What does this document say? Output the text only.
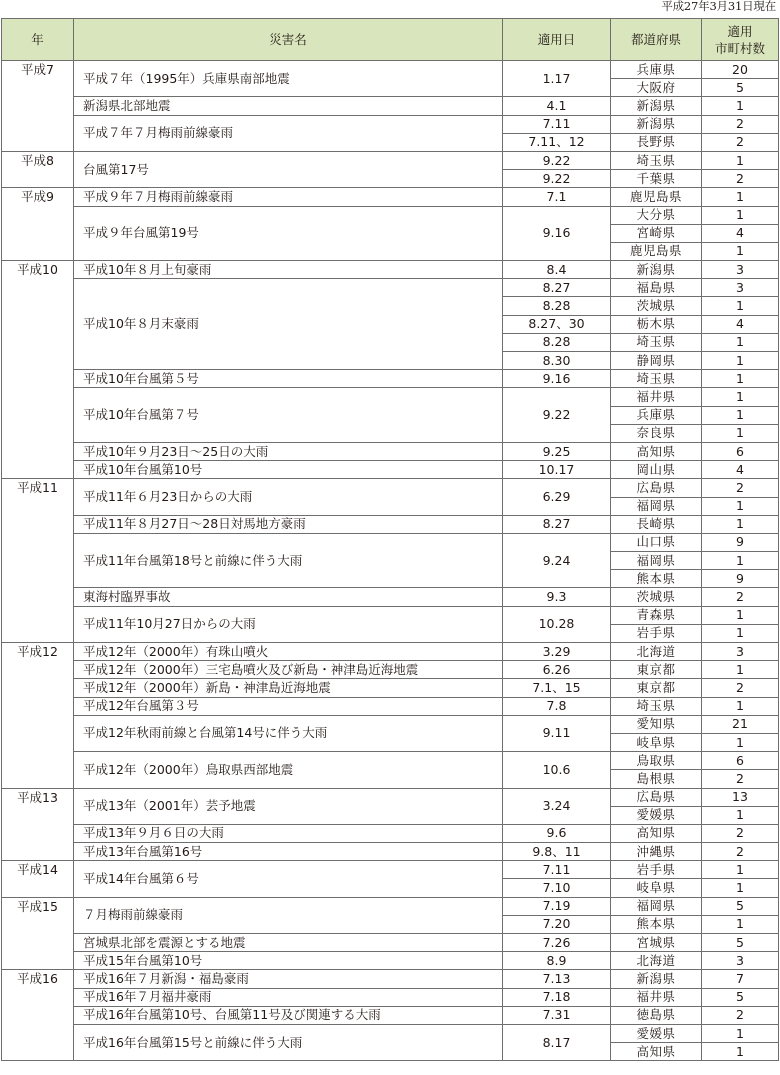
平成27年3月31日現在
年	災害名	適用日	都道府県	適用
市町村数
平成7	平成７年（1995年）兵庫県南部地震	1.17	兵庫県	20
			大阪府	5
	新潟県北部地震	4.1	新潟県	1
	平成７年７月梅雨前線豪雨	7.11	新潟県	2
		7.11、12	長野県	2
平成8	台風第17号	9.22	埼玉県	1
		9.22	千葉県	2
平成9	平成９年７月梅雨前線豪雨	7.1	鹿児島県	1
	平成９年台風第19号	9.16	大分県	1
			宮崎県	4
			鹿児島県	1
平成10	平成10年８月上旬豪雨	8.4	新潟県	3
	平成10年８月末豪雨	8.27	福島県	3
		8.28	茨城県	1
		8.27、30	栃木県	4
		8.28	埼玉県	1
		8.30	静岡県	1
	平成10年台風第５号	9.16	埼玉県	1
	平成10年台風第７号	9.22	福井県	1
			兵庫県	1
			奈良県	1
	平成10年９月23日～25日の大雨	9.25	高知県	6
	平成10年台風第10号	10.17	岡山県	4
平成11	平成11年６月23日からの大雨	6.29	広島県	2
			福岡県	1
	平成11年８月27日～28日対馬地方豪雨	8.27	長崎県	1
	平成11年台風第18号と前線に伴う大雨	9.24	山口県	9
			福岡県	1
			熊本県	9
	東海村臨界事故	9.3	茨城県	2
	平成11年10月27日からの大雨	10.28	青森県	1
			岩手県	1
平成12	平成12年（2000年）有珠山噴火	3.29	北海道	3
	平成12年（2000年）三宅島噴火及び新島・神津島近海地震	6.26	東京都	1
	平成12年（2000年）新島・神津島近海地震	7.1、15	東京都	2
	平成12年台風第３号	7.8	埼玉県	1
	平成12年秋雨前線と台風第14号に伴う大雨	9.11	愛知県	21
			岐阜県	1
	平成12年（2000年）鳥取県西部地震	10.6	鳥取県	6
			島根県	2
平成13	平成13年（2001年）芸予地震	3.24	広島県	13
			愛媛県	1
	平成13年９月６日の大雨	9.6	高知県	2
	平成13年台風第16号	9.8、11	沖縄県	2
平成14	平成14年台風第６号	7.11	岩手県	1
		7.10	岐阜県	1
平成15	７月梅雨前線豪雨	7.19	福岡県	5
		7.20	熊本県	1
	宮城県北部を震源とする地震	7.26	宮城県	5
	平成15年台風第10号	8.9	北海道	3
平成16	平成16年７月新潟・福島豪雨	7.13	新潟県	7
	平成16年７月福井豪雨	7.18	福井県	5
	平成16年台風第10号、台風第11号及び関連する大雨	7.31	徳島県	2
	平成16年台風第15号と前線に伴う大雨	8.17	愛媛県	1
			高知県	1
